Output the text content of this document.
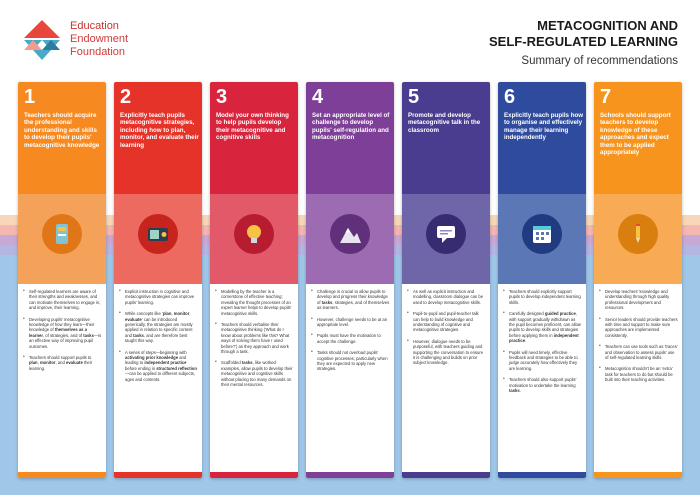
Education
Endowment
Foundation
METACOGNITION AND
SELF-REGULATED LEARNING
Summary of recommendations
1
Teachers should acquire the professional understanding and skills to develop their pupils' metacognitive knowledge
• Self-regulated learners are aware of their strengths and weaknesses, and can motivate themselves to engage in, and improve, their learning.
• Developing pupils' metacognitive knowledge of how they learn—their knowledge of themselves as a learner, of strategies, and of tasks—is an effective way of improving pupil outcomes.
• Teachers should support pupils to plan, monitor, and evaluate their learning.
2
Explicitly teach pupils metacognitive strategies, including how to plan, monitor, and evaluate their learning
• Explicit instruction in cognitive and metacognitive strategies can improve pupils' learning.
• While concepts like 'plan, monitor, evaluate' can be introduced generically, the strategies are mostly applied in relation to specific content and tasks, and are therefore best taught this way.
• A series of steps—beginning with activating prior knowledge and leading to independent practice before ending in structured reflection—can be applied to different subjects, ages and contents.
3
Model your own thinking to help pupils develop their metacognitive and cognitive skills
• Modelling by the teacher is a cornerstone of effective teaching; revealing the thought processes of an expert learner helps to develop pupils' metacognitive skills.
• Teachers should verbalise their metacognitive thinking ('What do I know about problems like this? What ways of solving them have I used before?') as they approach and work through a task.
• Scaffolded tasks, like worked examples, allow pupils to develop their metacognitive and cognitive skills without placing too many demands on their mental resources.
4
Set an appropriate level of challenge to develop pupils' self-regulation and metacognition
• Challenge is crucial to allow pupils to develop and progress their knowledge of tasks, strategies, and of themselves as learners.
• However, challenge needs to be at an appropriate level.
• Pupils must have the motivation to accept the challenge.
• Tasks should not overload pupils' cognitive processes, particularly when they are expected to apply new strategies.
5
Promote and develop metacognitive talk in the classroom
• As well as explicit instruction and modelling, classroom dialogue can be used to develop metacognitive skills.
• Pupil-to-pupil and pupil-teacher talk can help to build knowledge and understanding of cognitive and metacognitive strategies.
• However, dialogue needs to be purposeful, with teachers guiding and supporting the conversation to ensure it is challenging and builds on prior subject knowledge.
6
Explicitly teach pupils how to organise and effectively manage their learning independently
• Teachers should explicitly support pupils to develop independent learning skills.
• Carefully designed guided practice, with support gradually withdrawn as the pupil becomes proficient, can allow pupils to develop skills and strategies before applying them in independent practice.
• Pupils will need timely, effective feedback and strategies to be able to judge accurately how effectively they are learning.
• Teachers should also support pupils' motivation to undertake the learning tasks.
7
Schools should support teachers to develop knowledge of these approaches and expect them to be applied appropriately
• Develop teachers' knowledge and understanding through high quality professional development and resources.
• Senior leaders should provide teachers with time and support to make sure approaches are implemented consistently.
• Teachers can use tools such as 'traces' and observation to assess pupils' use of self-regulated learning skills.
• Metacognition shouldn't be an 'extra' task for teachers to do but should be built into their teaching activities.
